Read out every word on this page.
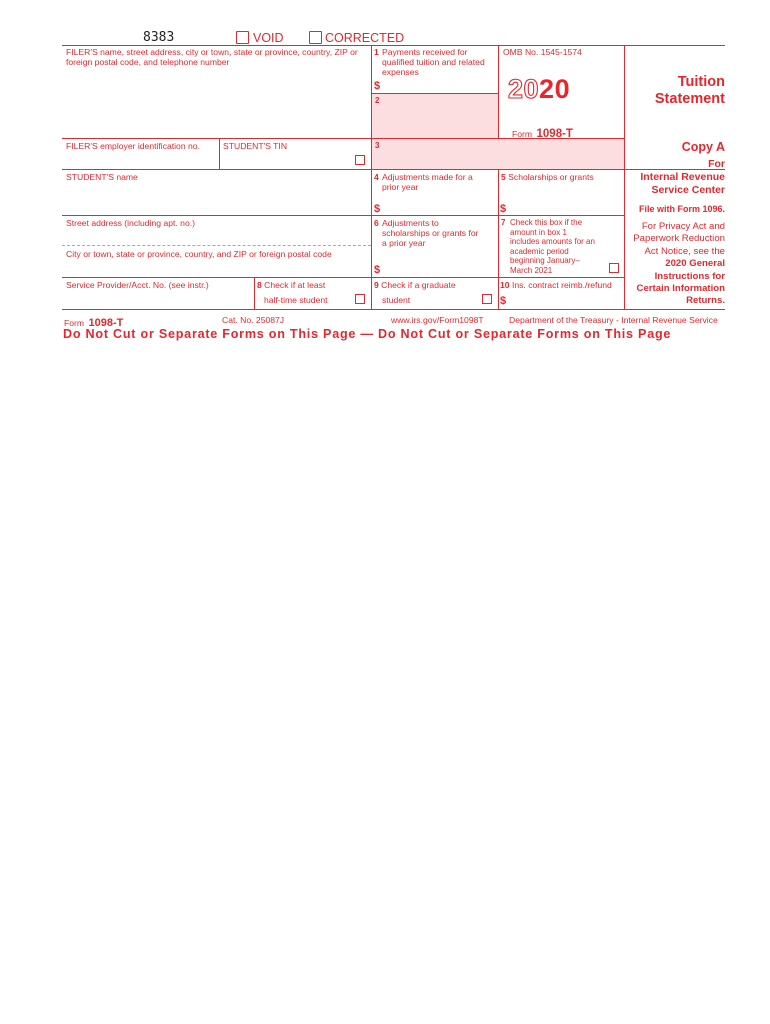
8383	VOID	CORRECTED
FILER'S name, street address, city or town, state or province, country, ZIP or foreign postal code, and telephone number
FILER'S employer identification no.	STUDENT'S TIN
STUDENT'S name
Street address (including apt. no.)
City or town, state or province, country, and ZIP or foreign postal code
Service Provider/Acct. No. (see instr.)	8 Check if at least
half-time student
1 Payments received for qualified tuition and related expenses
$
2
OMB No. 1545-1574
2020
Form 1098-T
Tuition
Statement
3
4 Adjustments made for a prior year
$
5 Scholarships or grants
$
6 Adjustments to scholarships or grants for a prior year
$
7 Check this box if the amount in box 1 includes amounts for an academic period beginning January– March 2021
9 Check if a graduate
student
10 Ins. contract reimb./refund
$
Copy A
For
Internal Revenue
Service Center
File with Form 1096.
For Privacy Act and
Paperwork Reduction
Act Notice, see the
2020 General
Instructions for
Certain Information
Returns.
Form 1098-T	Cat. No. 25087J	www.irs.gov/Form1098T	Department of the Treasury - Internal Revenue Service
Do Not Cut or Separate Forms on This Page — Do Not Cut or Separate Forms on This Page
